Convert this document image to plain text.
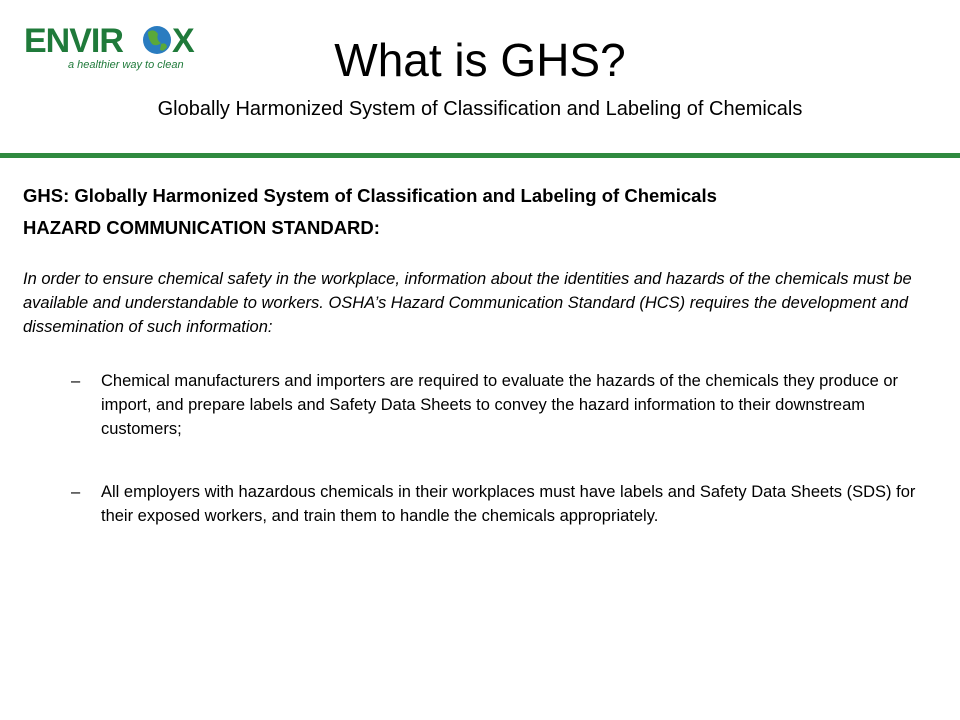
ENVIR X
a healthier way to clean	What is GHS?
Globally Harmonized System of Classification and Labeling of Chemicals

GHS: Globally Harmonized System of Classification and Labeling of Chemicals

HAZARD COMMUNICATION STANDARD:

In order to ensure chemical safety in the workplace, information about the identities and hazards of the chemicals must be available and understandable to workers. OSHA’s Hazard Communication Standard (HCS) requires the development and dissemination of such information:

– Chemical manufacturers and importers are required to evaluate the hazards of the chemicals they produce or import, and prepare labels and Safety Data Sheets to convey the hazard information to their downstream customers;

– All employers with hazardous chemicals in their workplaces must have labels and Safety Data Sheets (SDS) for their exposed workers, and train them to handle the chemicals appropriately.
